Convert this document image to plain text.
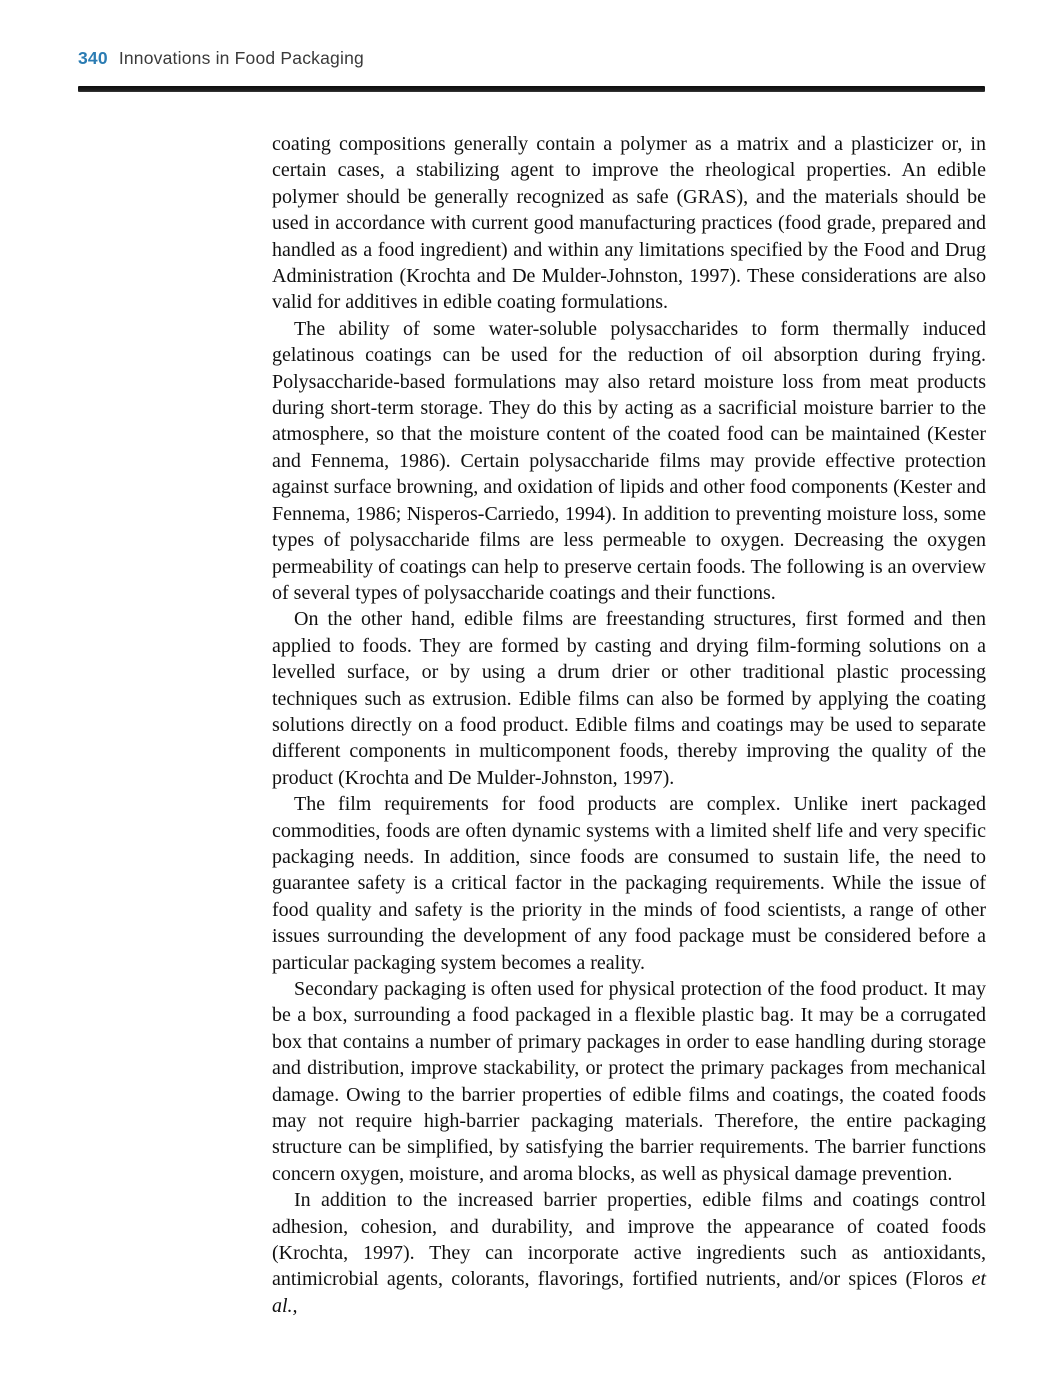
340 Innovations in Food Packaging

coating compositions generally contain a polymer as a matrix and a plasticizer or, in certain cases, a stabilizing agent to improve the rheological properties. An edible polymer should be generally recognized as safe (GRAS), and the materials should be used in accordance with current good manufacturing practices (food grade, prepared and handled as a food ingredient) and within any limitations specified by the Food and Drug Administration (Krochta and De Mulder-Johnston, 1997). These considerations are also valid for additives in edible coating formulations.

The ability of some water-soluble polysaccharides to form thermally induced gelatinous coatings can be used for the reduction of oil absorption during frying. Polysaccharide-based formulations may also retard moisture loss from meat products during short-term storage. They do this by acting as a sacrificial moisture barrier to the atmosphere, so that the moisture content of the coated food can be maintained (Kester and Fennema, 1986). Certain polysaccharide films may provide effective protection against surface browning, and oxidation of lipids and other food components (Kester and Fennema, 1986; Nisperos-Carriedo, 1994). In addition to preventing moisture loss, some types of polysaccharide films are less permeable to oxygen. Decreasing the oxygen permeability of coatings can help to preserve certain foods. The following is an overview of several types of polysaccharide coatings and their functions.

On the other hand, edible films are freestanding structures, first formed and then applied to foods. They are formed by casting and drying film-forming solutions on a levelled surface, or by using a drum drier or other traditional plastic processing techniques such as extrusion. Edible films can also be formed by applying the coating solutions directly on a food product. Edible films and coatings may be used to separate different components in multicomponent foods, thereby improving the quality of the product (Krochta and De Mulder-Johnston, 1997).

The film requirements for food products are complex. Unlike inert packaged commodities, foods are often dynamic systems with a limited shelf life and very specific packaging needs. In addition, since foods are consumed to sustain life, the need to guarantee safety is a critical factor in the packaging requirements. While the issue of food quality and safety is the priority in the minds of food scientists, a range of other issues surrounding the development of any food package must be considered before a particular packaging system becomes a reality.

Secondary packaging is often used for physical protection of the food product. It may be a box, surrounding a food packaged in a flexible plastic bag. It may be a corrugated box that contains a number of primary packages in order to ease handling during storage and distribution, improve stackability, or protect the primary packages from mechanical damage. Owing to the barrier properties of edible films and coatings, the coated foods may not require high-barrier packaging materials. Therefore, the entire packaging structure can be simplified, by satisfying the barrier requirements. The barrier functions concern oxygen, moisture, and aroma blocks, as well as physical damage prevention.

In addition to the increased barrier properties, edible films and coatings control adhesion, cohesion, and durability, and improve the appearance of coated foods (Krochta, 1997). They can incorporate active ingredients such as antioxidants, antimicrobial agents, colorants, flavorings, fortified nutrients, and/or spices (Floros et al.,
